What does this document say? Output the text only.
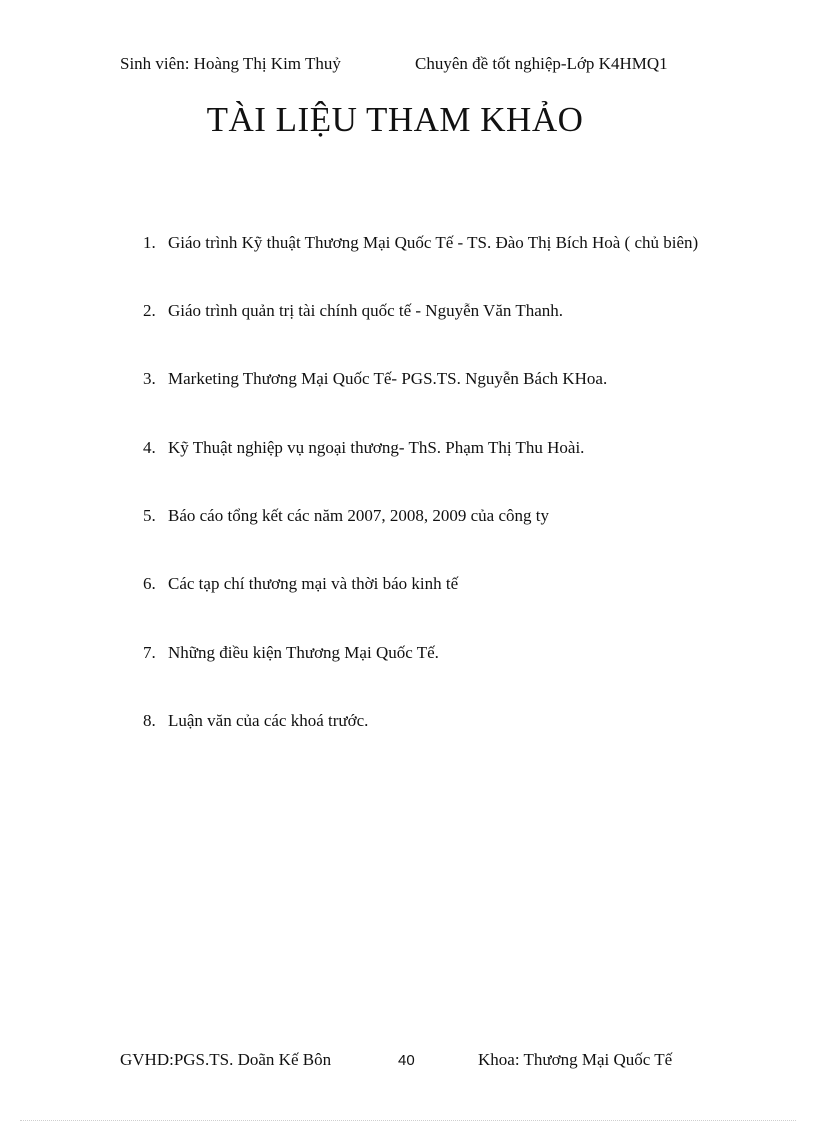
Sinh viên: Hoàng Thị Kim Thuỷ	Chuyên đề tốt nghiệp-Lớp K4HMQ1
TÀI LIỆU THAM KHẢO
1. Giáo trình Kỹ thuật Thương Mại Quốc Tế - TS. Đào Thị Bích Hoà ( chủ biên)
2. Giáo trình quản trị tài chính quốc tế - Nguyễn Văn Thanh.
3. Marketing Thương Mại Quốc Tế- PGS.TS. Nguyễn Bách KHoa.
4. Kỹ Thuật nghiệp vụ ngoại thương- ThS. Phạm Thị Thu Hoài.
5. Báo cáo tổng kết các năm 2007, 2008, 2009 của công ty
6. Các tạp chí thương mại và thời báo kinh tế
7. Những điều kiện Thương Mại Quốc Tế.
8. Luận văn của các khoá trước.
GVHD:PGS.TS. Doãn Kế Bôn	40	Khoa: Thương Mại Quốc Tế
